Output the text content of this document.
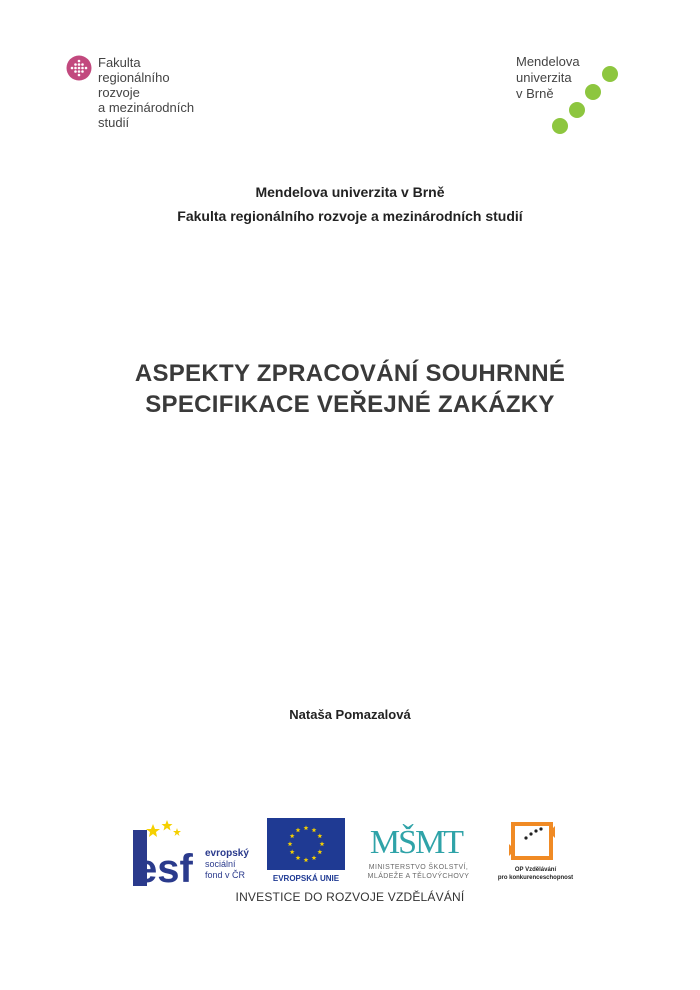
Fakulta
regionálního
rozvoje
a mezinárodních
studií
Mendelova
univerzita
v Brně
Mendelova univerzita v Brně
Fakulta regionálního rozvoje a mezinárodních studií
ASPEKTY ZPRACOVÁNÍ SOUHRNNÉ
SPECIFIKACE VEŘEJNÉ ZAKÁZKY
Nataša Pomazalová
esf evropský
sociální
fond v ČR	EVROPSKÁ UNIE
MŠMT
MINISTERSTVO ŠKOLSTVÍ,
MLÁDEŽE A TĚLOVÝCHOVY
OP Vzdělávání
pro konkurenceschopnost
INVESTICE DO ROZVOJE VZDĚLÁVÁNÍ
